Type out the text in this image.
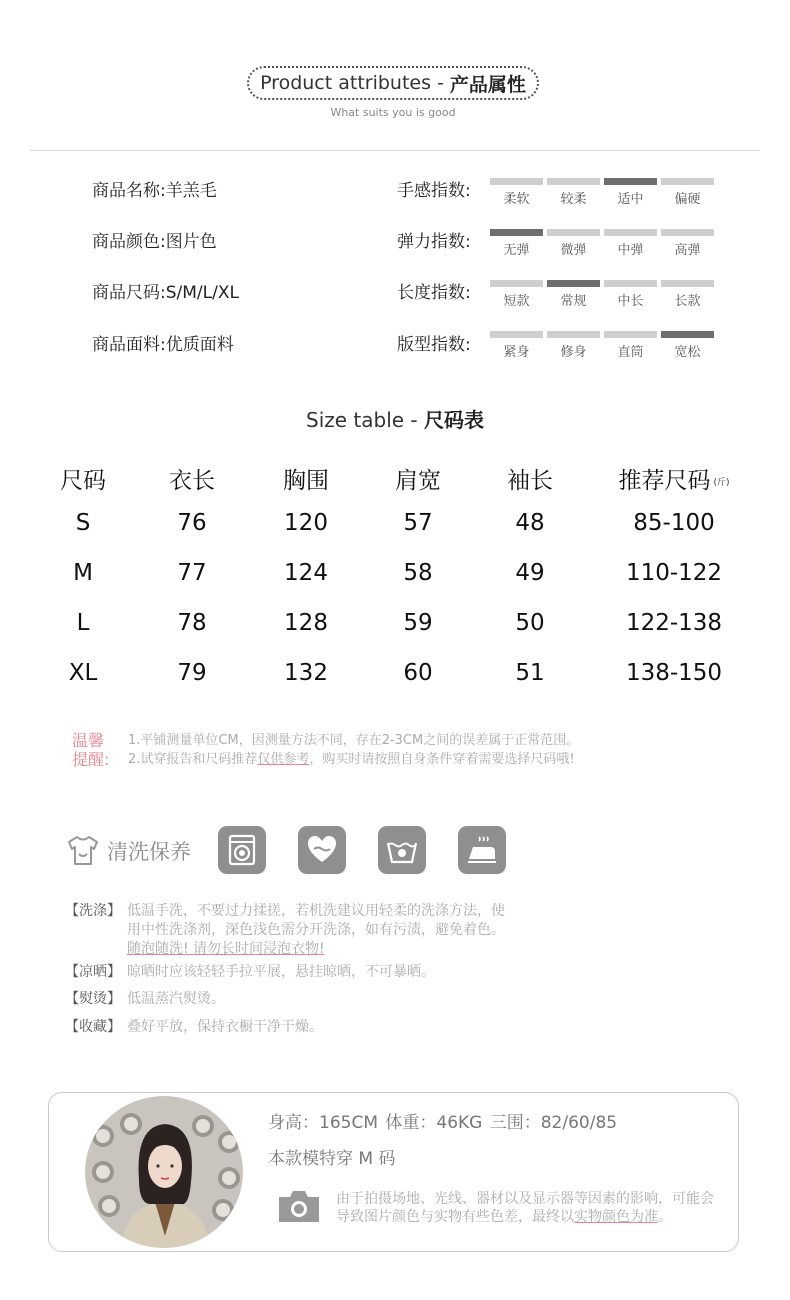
Product attributes - 产品属性
What suits you is good
商品名称:羊羔毛
商品颜色:图片色
商品尺码:S/M/L/XL
商品面料:优质面料
手感指数:	柔软	较柔	适中	偏硬
弹力指数:	无弹	微弹	中弹	高弹
长度指数:	短款	常规	中长	长款
版型指数:	紧身	修身	直筒	宽松
Size table - 尺码表
尺码	衣长	胸围	肩宽	袖长	推荐尺码 (斤)
S	76	120	57	48	85-100
M	77	124	58	49	110-122
L	78	128	59	50	122-138
XL	79	132	60	51	138-150
温馨提醒:
1.平铺测量单位CM，因测量方法不同，存在2-3CM之间的误差属于正常范围。
2.试穿报告和尺码推荐仅供参考，购买时请按照自身条件穿着需要选择尺码哦!
清洗保养
【洗涤】 低温手洗，不要过力揉搓，若机洗建议用轻柔的洗涤方法，使
用中性洗涤剂，深色浅色需分开洗涤，如有污渍，避免着色。
随泡随洗! 请勿长时间浸泡衣物!
【凉晒】 晾晒时应该轻轻手拉平展，悬挂晾晒，不可暴晒。
【熨烫】 低温蒸汽熨烫。
【收藏】 叠好平放，保持衣橱干净干燥。
身高：165CM 体重：46KG 三围：82/60/85
本款模特穿 M 码
由于拍摄场地、光线、器材以及显示器等因素的影响，可能会导致图片颜色与实物有些色差，最终以实物颜色为准。
